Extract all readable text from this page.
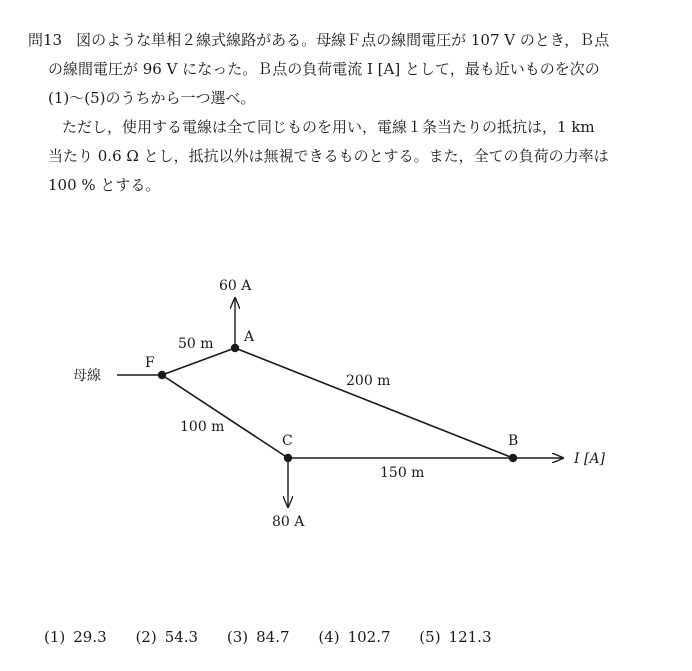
問13 図のような単相２線式線路がある。母線Ｆ点の線間電圧が 107 V のとき，Ｂ点
の線間電圧が 96 V になった。Ｂ点の負荷電流 I [A] として，最も近いものを次の
(1)～(5)のうちから一つ選べ。
ただし，使用する電線は全て同じものを用い，電線１条当たりの抵抗は，1 km
当たり 0.6 Ω とし，抵抗以外は無視できるものとする。また，全ての負荷の力率は
100 % とする。
母線
F
A
C	B
60 A
80 A
I [A]
50 m
200 m
100 m
150 m
(1) 29.3 (2) 54.3 (3) 84.7 (4) 102.7 (5) 121.3
